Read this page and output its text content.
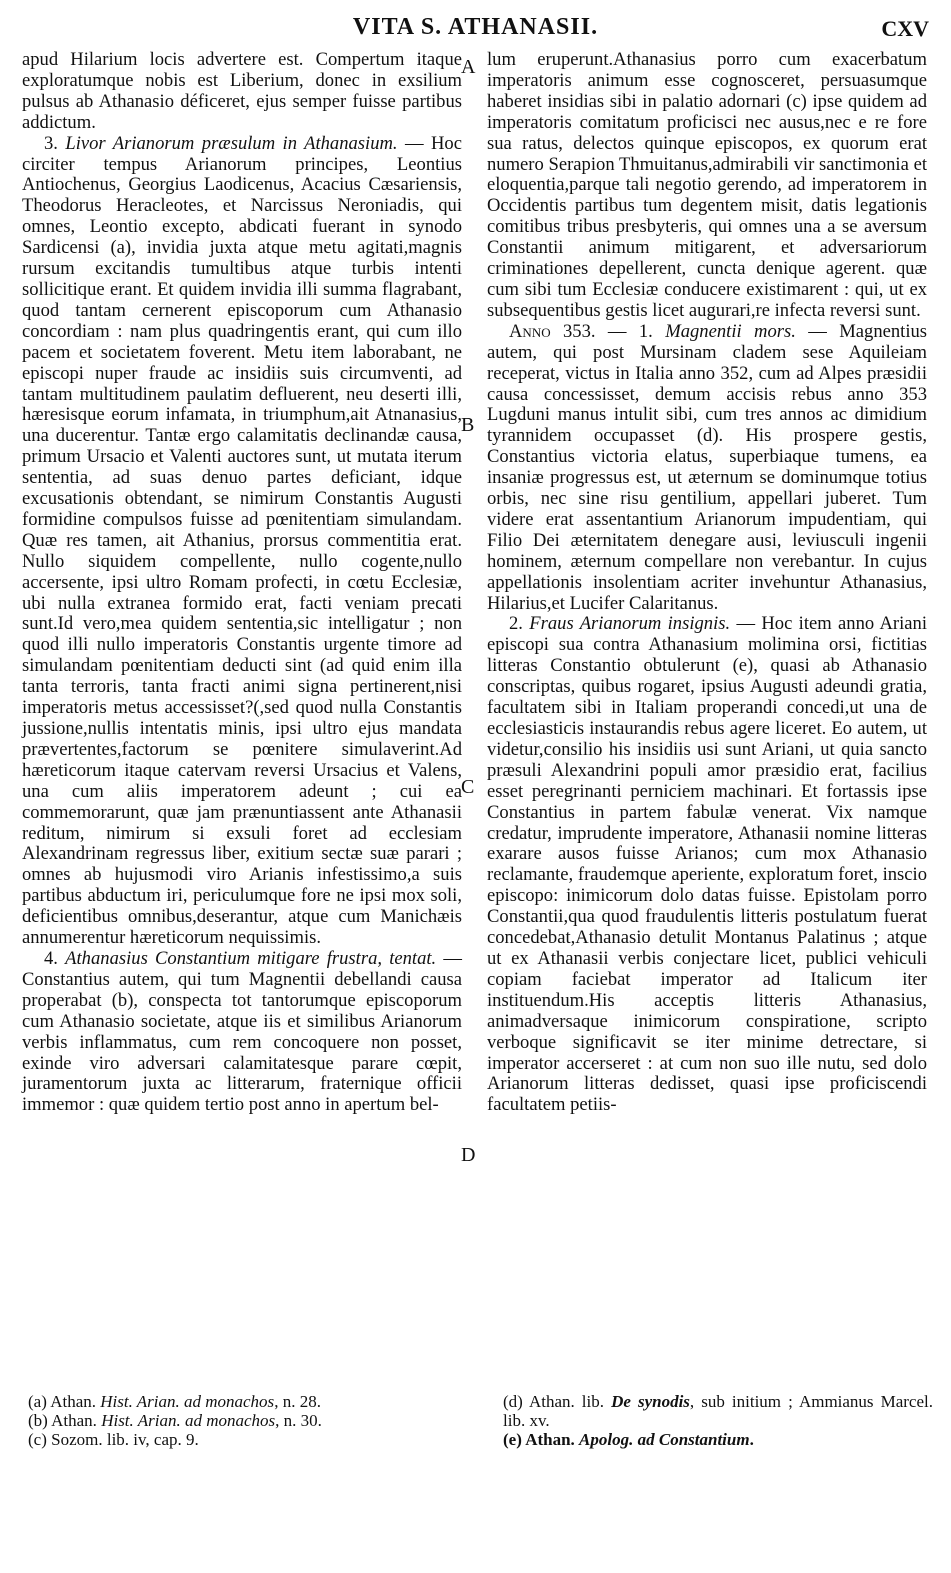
VITA S. ATHANASII.	CXV
A
B
C
D

apud Hilarium locis advertere est. Compertum itaque exploratumque nobis est Liberium, donec in exsilium pulsus ab Athanasio déficeret, ejus semper fuisse partibus addictum.

3. Livor Arianorum præsulum in Athanasium. — Hoc circiter tempus Arianorum principes, Leontius Antiochenus, Georgius Laodicenus, Acacius Cæsariensis, Theodorus Heracleotes, et Narcissus Neroniadis, qui omnes, Leontio excepto, abdicati fuerant in synodo Sardicensi (a), invidia juxta atque metu agitati,magnis rursum excitandis tumultibus atque turbis intenti sollicitique erant. Et quidem invidia illi summa flagrabant, quod tantam cernerent episcoporum cum Athanasio concordiam : nam plus quadringentis erant, qui cum illo pacem et societatem foverent. Metu item laborabant, ne episcopi nuper fraude ac insidiis suis circumventi, ad tantam multitudinem paulatim defluerent, neu deserti illi, hæresisque eorum infamata, in triumphum,ait Atnanasius, una ducerentur. Tantæ ergo calamitatis declinandæ causa, primum Ursacio et Valenti auctores sunt, ut mutata iterum sententia, ad suas denuo partes deficiant, idque excusationis obtendant, se nimirum Constantis Augusti formidine compulsos fuisse ad pœnitentiam simulandam. Quæ res tamen, ait Athanius, prorsus commentitia erat. Nullo siquidem compellente, nullo cogente,nullo accersente, ipsi ultro Romam profecti, in cœtu Ecclesiæ, ubi nulla extranea formido erat, facti veniam precati sunt.Id vero,mea quidem sententia,sic intelligatur ; non quod illi nullo imperatoris Constantis urgente timore ad simulandam pœnitentiam deducti sint (ad quid enim illa tanta terroris, tanta fracti animi signa pertinerent,nisi imperatoris metus accessisset?(,sed quod nulla Constantis jussione,nullis intentatis minis, ipsi ultro ejus mandata prævertentes,factorum se pœnitere simulaverint.Ad hæreticorum itaque catervam reversi Ursacius et Valens, una cum aliis imperatorem adeunt ; cui ea commemorarunt, quæ jam prænuntiassent ante Athanasii reditum, nimirum si exsuli foret ad ecclesiam Alexandrinam regressus liber, exitium sectæ suæ parari ; omnes ab hujusmodi viro Arianis infestissimo,a suis partibus abductum iri, periculumque fore ne ipsi mox soli, deficientibus omnibus,deserantur, atque cum Manichæis annumerentur hæreticorum nequissimis.

4. Athanasius Constantium mitigare frustra, tentat. — Constantius autem, qui tum Magnentii debellandi causa properabat (b), conspecta tot tantorumque episcoporum cum Athanasio societate, atque iis et similibus Arianorum verbis inflammatus, cum rem concoquere non posset, exinde viro adversari calamitatesque parare cœpit, juramentorum juxta ac litterarum, fraternique officii immemor : quæ quidem tertio post anno in apertum bel-

lum eruperunt.Athanasius porro cum exacerbatum imperatoris animum esse cognosceret, persuasumque haberet insidias sibi in palatio adornari (c) ipse quidem ad imperatoris comitatum proficisci nec ausus,nec e re fore sua ratus, delectos quinque episcopos, ex quorum erat numero Serapion Thmuitanus,admirabili vir sanctimonia et eloquentia,parque tali negotio gerendo, ad imperatorem in Occidentis partibus tum degentem misit, datis legationis comitibus tribus presbyteris, qui omnes una a se aversum Constantii animum mitigarent, et adversariorum criminationes depellerent, cuncta denique agerent. quæ cum sibi tum Ecclesiæ conducere existimarent : qui, ut ex subsequentibus gestis licet augurari,re infecta reversi sunt.

Anno 353. — 1. Magnentii mors. — Magnentius autem, qui post Mursinam cladem sese Aquileiam receperat, victus in Italia anno 352, cum ad Alpes præsidii causa concessisset, demum accisis rebus anno 353 Lugduni manus intulit sibi, cum tres annos ac dimidium tyrannidem occupasset (d). His prospere gestis, Constantius victoria elatus, superbiaque tumens, ea insaniæ progressus est, ut æternum se dominumque totius orbis, nec sine risu gentilium, appellari juberet. Tum videre erat assentantium Arianorum impudentiam, qui Filio Dei æternitatem denegare ausi, leviusculi ingenii hominem, æternum compellare non verebantur. In cujus appellationis insolentiam acriter invehuntur Athanasius, Hilarius,et Lucifer Calaritanus.

2. Fraus Arianorum insignis. — Hoc item anno Ariani episcopi sua contra Athanasium molimina orsi, fictitias litteras Constantio obtulerunt (e), quasi ab Athanasio conscriptas, quibus rogaret, ipsius Augusti adeundi gratia, facultatem sibi in Italiam properandi concedi,ut una de ecclesiasticis instaurandis rebus agere liceret. Eo autem, ut videtur,consilio his insidiis usi sunt Ariani, ut quia sancto præsuli Alexandrini populi amor præsidio erat, facilius esset peregrinanti perniciem machinari. Et fortassis ipse Constantius in partem fabulæ venerat. Vix namque credatur, imprudente imperatore, Athanasii nomine litteras exarare ausos fuisse Arianos; cum mox Athanasio reclamante, fraudemque aperiente, exploratum foret, inscio episcopo: inimicorum dolo datas fuisse. Epistolam porro Constantii,qua quod fraudulentis litteris postulatum fuerat concedebat,Athanasio detulit Montanus Palatinus ; atque ut ex Athanasii verbis conjectare licet, publici vehiculi copiam faciebat imperator ad Italicum iter instituendum.His acceptis litteris Athanasius, animadversaque inimicorum conspiratione, scripto verboque significavit se iter minime detrectare, si imperator accerseret : at cum non suo ille nutu, sed dolo Arianorum litteras dedisset, quasi ipse proficiscendi facultatem petiis-

(a) Athan. Hist. Arian. ad monachos, n. 28.

(b) Athan. Hist. Arian. ad monachos, n. 30.

(c) Sozom. lib. iv, cap. 9.

(d) Athan. lib. De synodis, sub initium ; Ammianus Marcel. lib. xv.

(e) Athan. Apolog. ad Constantium.
